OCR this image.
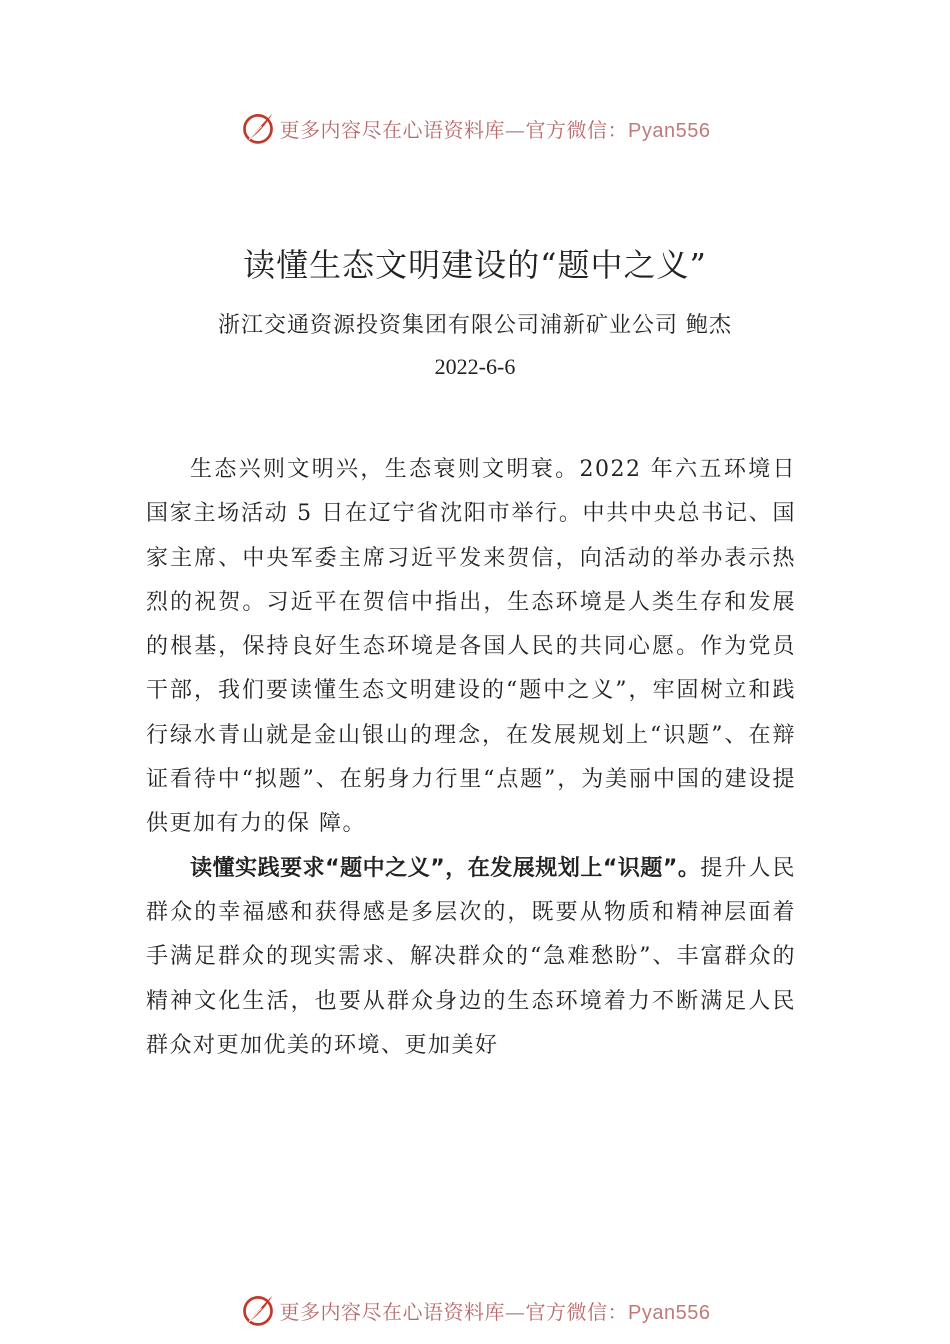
更多内容尽在心语资料库—官方微信：Pyan556
读懂生态文明建设的“题中之义”
浙江交通资源投资集团有限公司浦新矿业公司 鲍杰
2022-6-6

生态兴则文明兴，生态衰则文明衰。2022 年六五环境日国家主场活动 5 日在辽宁省沈阳市举行。中共中央总书记、国家主席、中央军委主席习近平发来贺信，向活动的举办表示热烈的祝贺。习近平在贺信中指出，生态环境是人类生存和发展的根基，保持良好生态环境是各国人民的共同心愿。作为党员干部，我们要读懂生态文明建设的“题中之义”，牢固树立和践行绿水青山就是金山银山的理念，在发展规划上“识题”、在辩证看待中“拟题”、在躬身力行里“点题”，为美丽中国的建设提供更加有力的保 障。

读懂实践要求“题中之义”，在发展规划上“识题”。提升人民群众的幸福感和获得感是多层次的，既要从物质和精神层面着手满足群众的现实需求、解决群众的“急难愁盼”、丰富群众的精神文化生活，也要从群众身边的生态环境着力不断满足人民群众对更加优美的环境、更加美好

更多内容尽在心语资料库—官方微信：Pyan556
